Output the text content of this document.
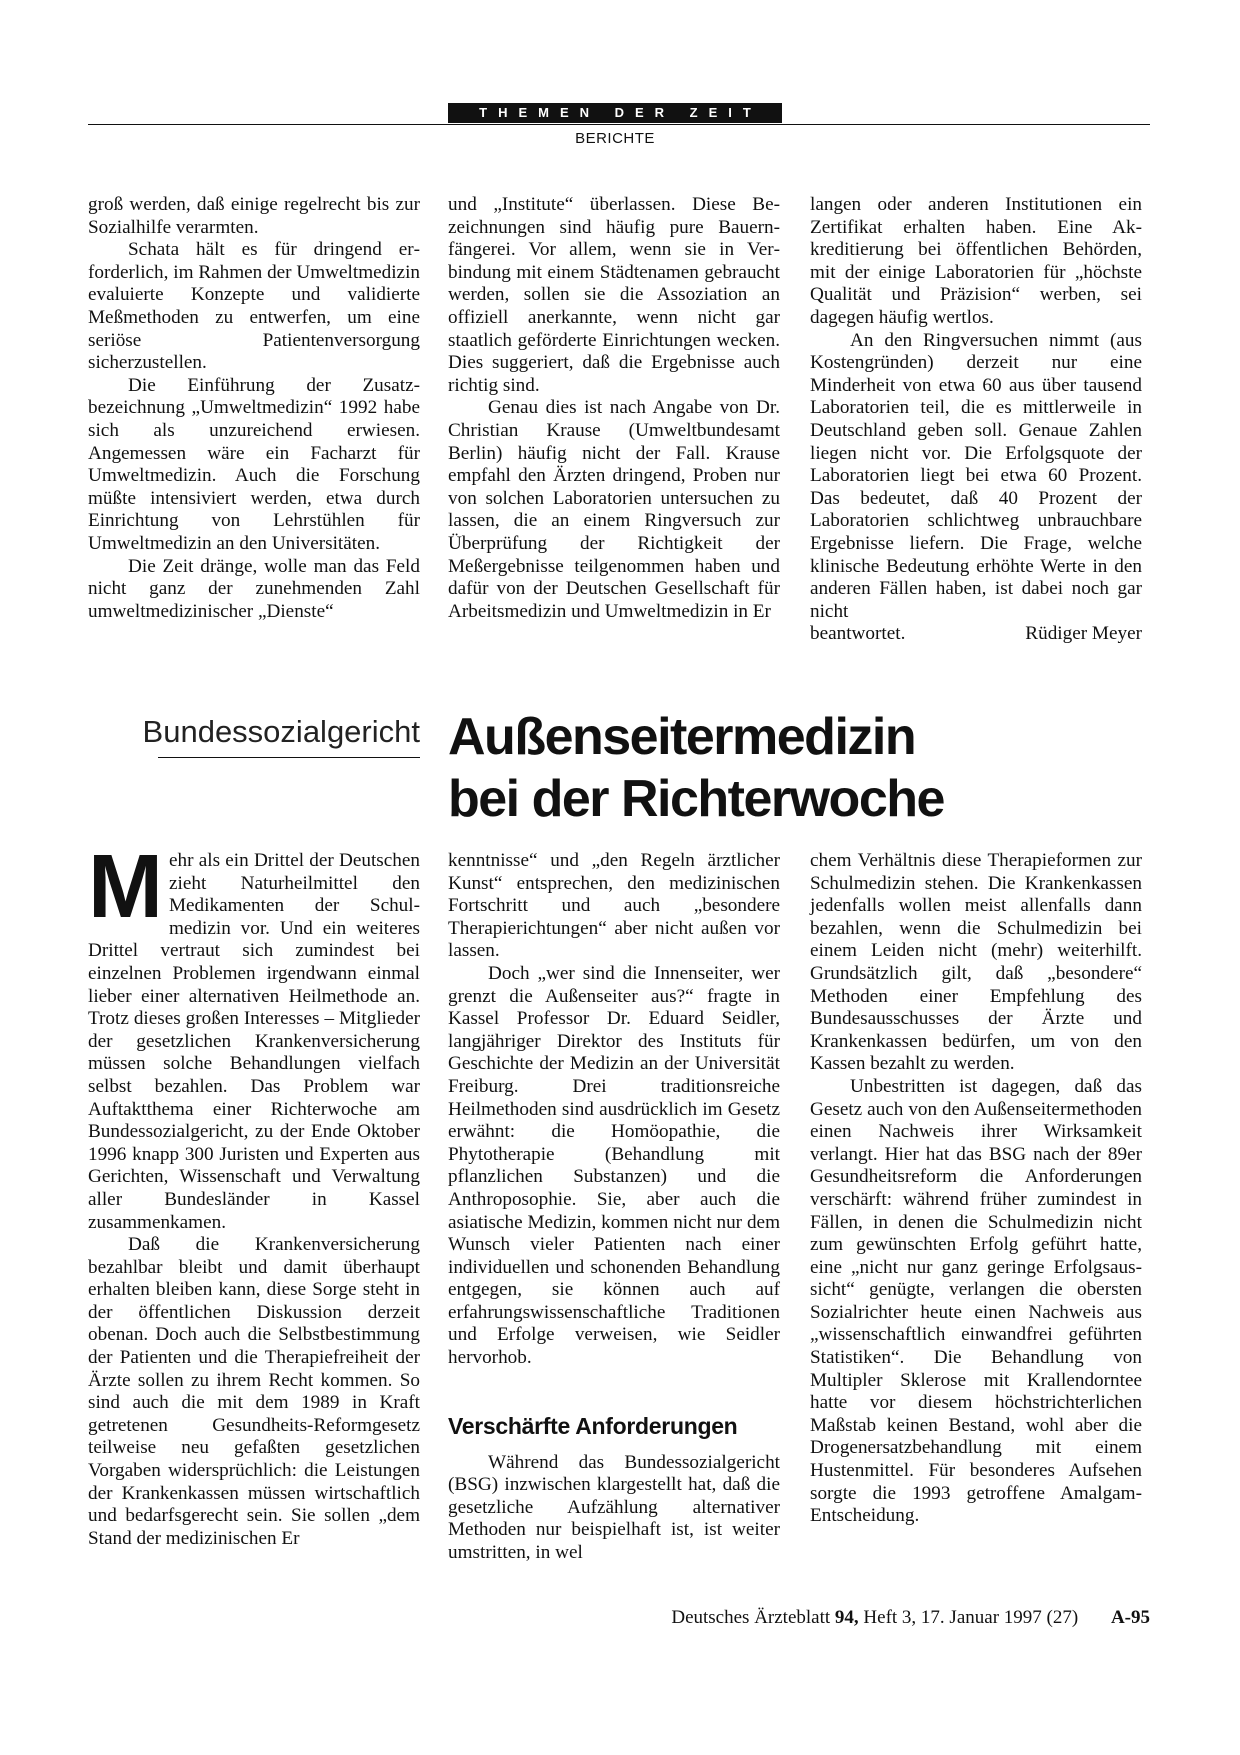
THEMEN DER ZEIT
BERICHTE

groß werden, daß einige regelrecht bis zur Sozialhilfe verarmten.

Schata hält es für dringend erforderlich, im Rahmen der Umweltmedizin evaluierte Konzepte und validierte Meßmethoden zu entwerfen, um eine seriöse Patientenversorgung sicherzustellen.

Die Einführung der Zusatzbezeichnung „Umweltmedizin“ 1992 habe sich als unzureichend erwiesen. Angemessen wäre ein Facharzt für Umweltmedizin. Auch die Forschung müßte intensiviert werden, etwa durch Einrichtung von Lehrstühlen für Umweltmedizin an den Universitäten.

Die Zeit dränge, wolle man das Feld nicht ganz der zunehmenden Zahl umweltmedizinischer „Dienste“

und „Institute“ überlassen. Diese Bezeichnungen sind häufig pure Bauernfängerei. Vor allem, wenn sie in Verbindung mit einem Städtenamen gebraucht werden, sollen sie die Assoziation an offiziell anerkannte, wenn nicht gar staatlich geförderte Einrichtungen wecken. Dies suggeriert, daß die Ergebnisse auch richtig sind.

Genau dies ist nach Angabe von Dr. Christian Krause (Umweltbundesamt Berlin) häufig nicht der Fall. Krause empfahl den Ärzten dringend, Proben nur von solchen Laboratorien untersuchen zu lassen, die an einem Ringversuch zur Überprüfung der Richtigkeit der Meßergebnisse teilgenommen haben und dafür von der Deutschen Gesellschaft für Arbeitsmedizin und Umweltmedizin in Er

langen oder anderen Institutionen ein Zertifikat erhalten haben. Eine Akkreditierung bei öffentlichen Behörden, mit der einige Laboratorien für „höchste Qualität und Präzision“ werben, sei dagegen häufig wertlos.

An den Ringversuchen nimmt (aus Kostengründen) derzeit nur eine Minderheit von etwa 60 aus über tausend Laboratorien teil, die es mittlerweile in Deutschland geben soll. Genaue Zahlen liegen nicht vor. Die Erfolgsquote der Laboratorien liegt bei etwa 60 Prozent. Das bedeutet, daß 40 Prozent der Laboratorien schlichtweg unbrauchbare Ergebnisse liefern. Die Frage, welche klinische Bedeutung erhöhte Werte in den anderen Fällen haben, ist dabei noch gar nicht

beantwortet.	Rüdiger Meyer
Bundessozialgericht Außenseitermedizin
bei der Richterwoche

Mehr als ein Drittel der Deutschen zieht Naturheilmittel den Medikamenten der Schulmedizin vor. Und ein weiteres Drittel vertraut sich zumindest bei einzelnen Problemen irgendwann einmal lieber einer alternativen Heilmethode an. Trotz dieses großen Interesses – Mitglieder der gesetzlichen Krankenversicherung müssen solche Behandlungen vielfach selbst bezahlen. Das Problem war Auftaktthema einer Richterwoche am Bundessozialgericht, zu der Ende Oktober 1996 knapp 300 Juristen und Experten aus Gerichten, Wissenschaft und Verwaltung aller Bundesländer in Kassel zusammenkamen.

Daß die Krankenversicherung bezahlbar bleibt und damit überhaupt erhalten bleiben kann, diese Sorge steht in der öffentlichen Diskussion derzeit obenan. Doch auch die Selbstbestimmung der Patienten und die Therapiefreiheit der Ärzte sollen zu ihrem Recht kommen. So sind auch die mit dem 1989 in Kraft getretenen Gesundheits-Reformgesetz teilweise neu gefaßten gesetzlichen Vorgaben widersprüchlich: die Leistungen der Krankenkassen müssen wirtschaftlich und bedarfsgerecht sein. Sie sollen „dem Stand der medizinischen Er

kenntnisse“ und „den Regeln ärztlicher Kunst“ entsprechen, den medizinischen Fortschritt und auch „besondere Therapierichtungen“ aber nicht außen vor lassen.

Doch „wer sind die Innenseiter, wer grenzt die Außenseiter aus?“ fragte in Kassel Professor Dr. Eduard Seidler, langjähriger Direktor des Instituts für Geschichte der Medizin an der Universität Freiburg. Drei traditionsreiche Heilmethoden sind ausdrücklich im Gesetz erwähnt: die Homöopathie, die Phytotherapie (Behandlung mit pflanzlichen Substanzen) und die Anthroposophie. Sie, aber auch die asiatische Medizin, kommen nicht nur dem Wunsch vieler Patienten nach einer individuellen und schonenden Behandlung entgegen, sie können auch auf erfahrungswissenschaftliche Traditionen und Erfolge verweisen, wie Seidler hervorhob.

Verschärfte Anforderungen

Während das Bundessozialgericht (BSG) inzwischen klargestellt hat, daß die gesetzliche Aufzählung alternativer Methoden nur beispielhaft ist, ist weiter umstritten, in wel

chem Verhältnis diese Therapieformen zur Schulmedizin stehen. Die Krankenkassen jedenfalls wollen meist allenfalls dann bezahlen, wenn die Schulmedizin bei einem Leiden nicht (mehr) weiterhilft. Grundsätzlich gilt, daß „besondere“ Methoden einer Empfehlung des Bundesausschusses der Ärzte und Krankenkassen bedürfen, um von den Kassen bezahlt zu werden.

Unbestritten ist dagegen, daß das Gesetz auch von den Außenseitermethoden einen Nachweis ihrer Wirksamkeit verlangt. Hier hat das BSG nach der 89er Gesundheitsreform die Anforderungen verschärft: während früher zumindest in Fällen, in denen die Schulmedizin nicht zum gewünschten Erfolg geführt hatte, eine „nicht nur ganz geringe Erfolgsaussicht“ genügte, verlangen die obersten Sozialrichter heute einen Nachweis aus „wissenschaftlich einwandfrei geführten Statistiken“. Die Behandlung von Multipler Sklerose mit Krallendorntee hatte vor diesem höchstrichterlichen Maßstab keinen Bestand, wohl aber die Drogenersatzbehandlung mit einem Hustenmittel. Für besonderes Aufsehen sorgte die 1993 getroffene Amalgam-Entscheidung.

Deutsches Ärzteblatt 94, Heft 3, 17. Januar 1997 (27) A-95
